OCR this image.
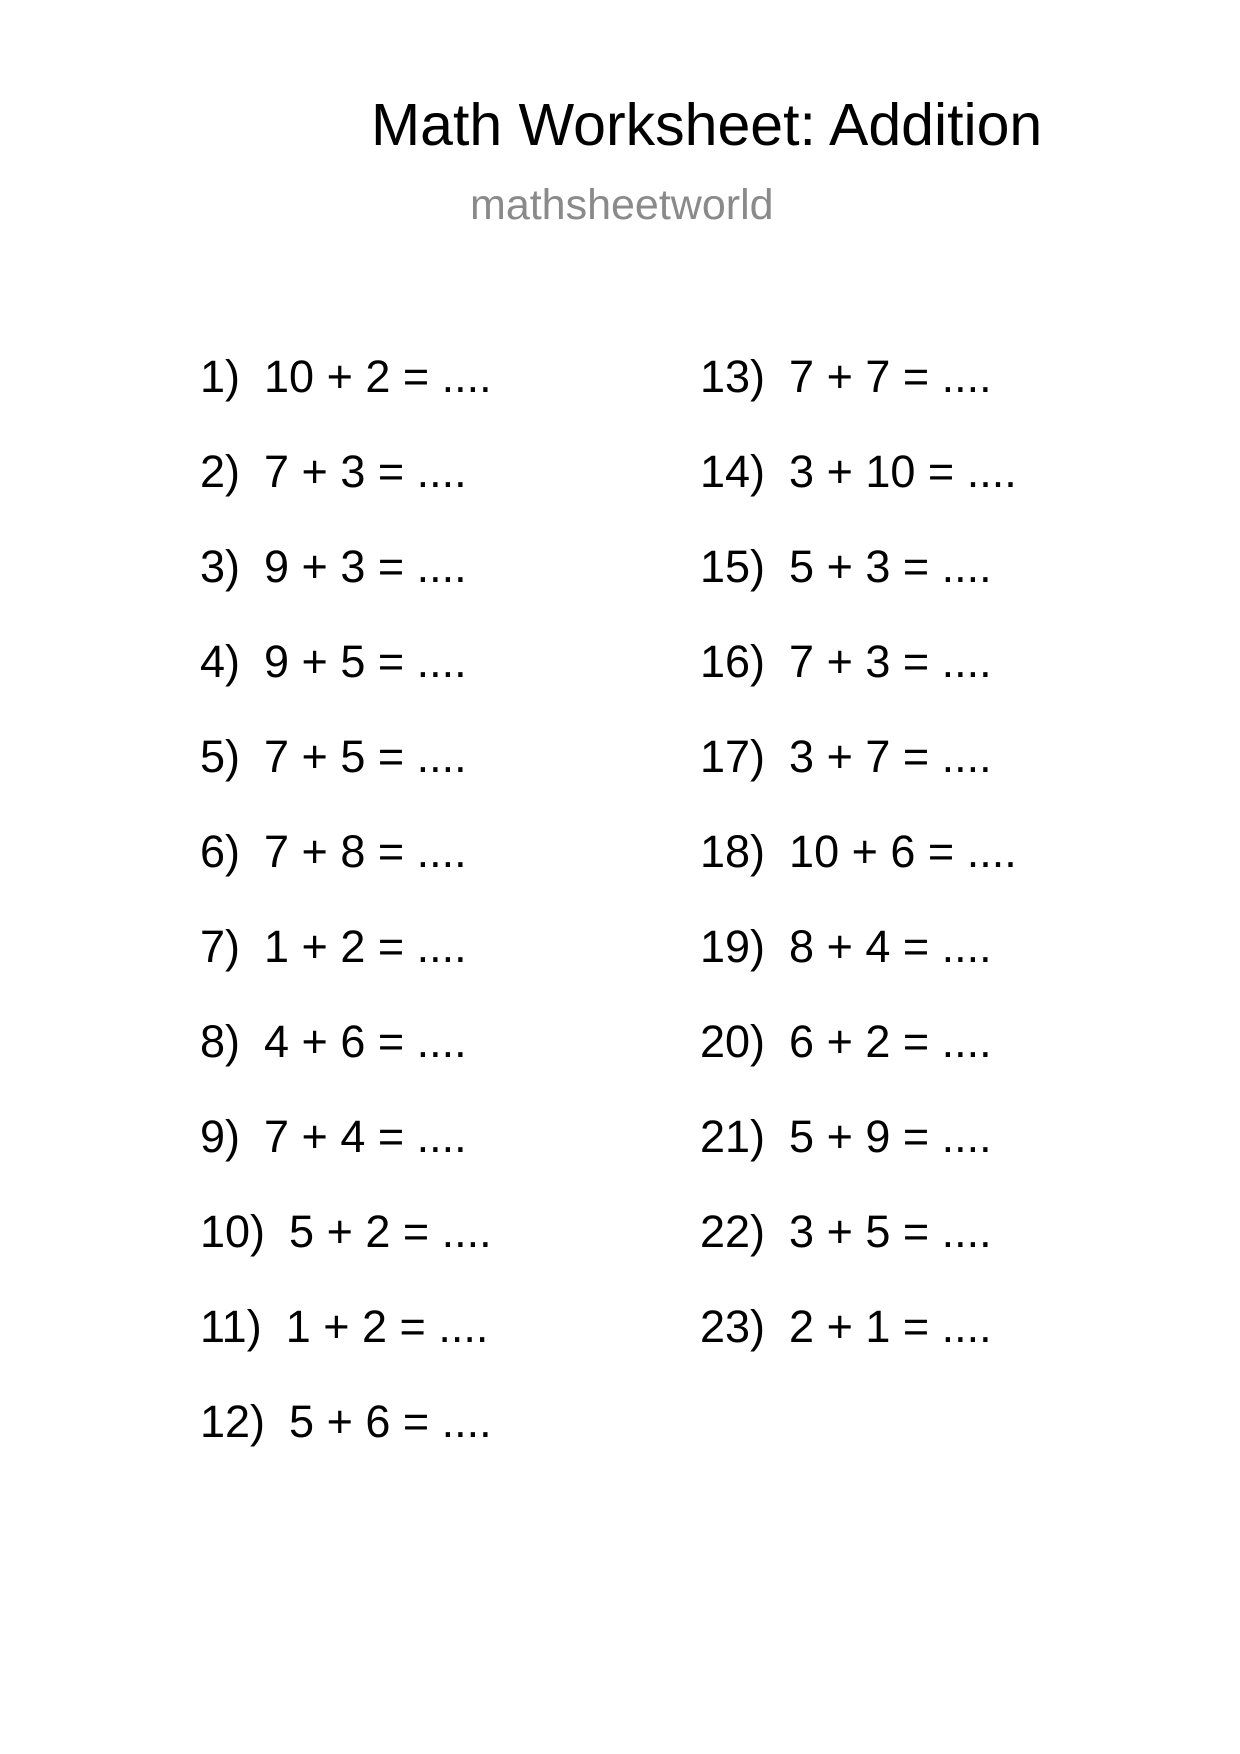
Math Worksheet: Addition
mathsheetworld
1) 10 + 2 = ....
2) 7 + 3 = ....
3) 9 + 3 = ....
4) 9 + 5 = ....
5) 7 + 5 = ....
6) 7 + 8 = ....
7) 1 + 2 = ....
8) 4 + 6 = ....
9) 7 + 4 = ....
10) 5 + 2 = ....
11) 1 + 2 = ....
12) 5 + 6 = ....
13) 7 + 7 = ....
14) 3 + 10 = ....
15) 5 + 3 = ....
16) 7 + 3 = ....
17) 3 + 7 = ....
18) 10 + 6 = ....
19) 8 + 4 = ....
20) 6 + 2 = ....
21) 5 + 9 = ....
22) 3 + 5 = ....
23) 2 + 1 = ....
